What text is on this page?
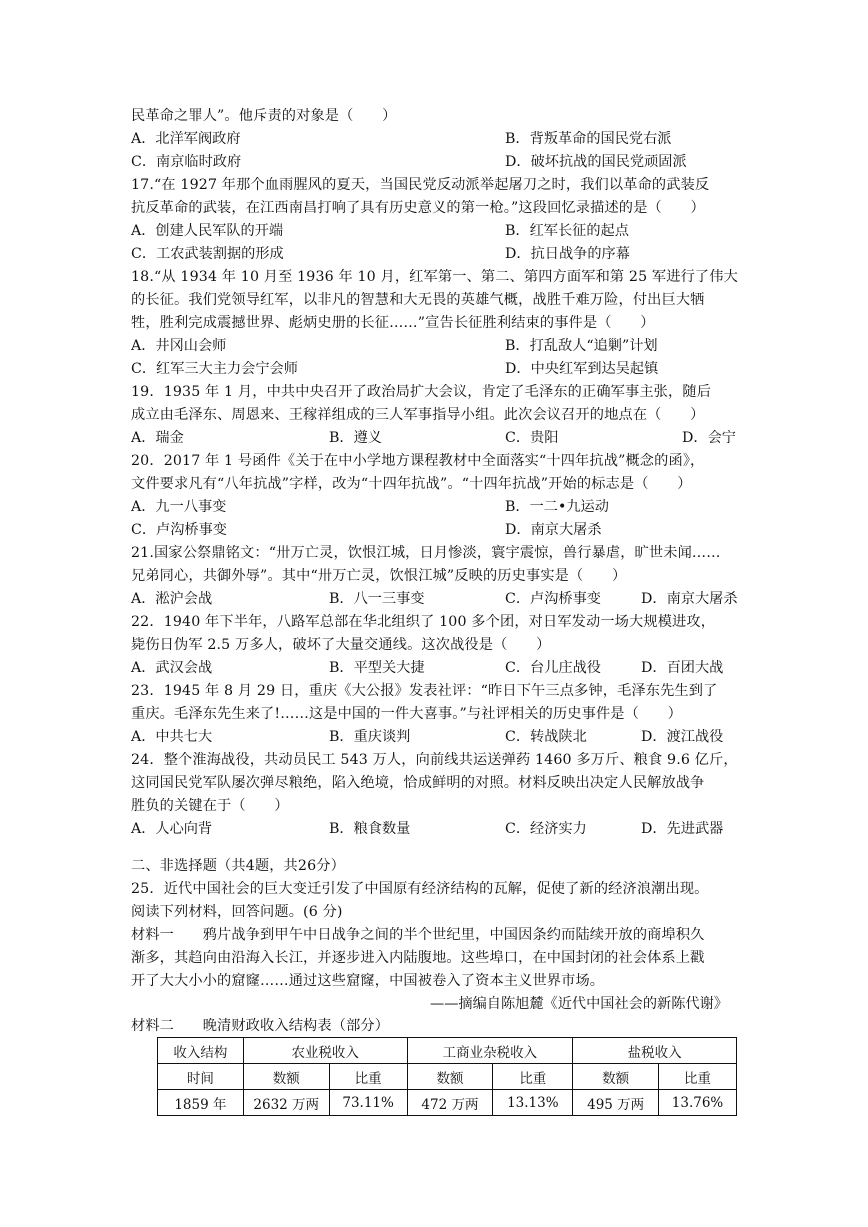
民革命之罪人”。他斥责的对象是（　　）
A．北洋军阀政府	B．背叛革命的国民党右派
C．南京临时政府	D．破坏抗战的国民党顽固派
17.“在 1927 年那个血雨腥风的夏天，当国民党反动派举起屠刀之时，我们以革命的武装反
抗反革命的武装，在江西南昌打响了具有历史意义的第一枪。”这段回忆录描述的是（　　）
A．创建人民军队的开端	B．红军长征的起点
C．工农武装割据的形成	D．抗日战争的序幕
18.“从 1934 年 10 月至 1936 年 10 月，红军第一、第二、第四方面军和第 25 军进行了伟大
的长征。我们党领导红军，以非凡的智慧和大无畏的英雄气概，战胜千难万险，付出巨大牺
牲，胜利完成震撼世界、彪炳史册的长征……”宣告长征胜利结束的事件是（　　）
A．井冈山会师	B．打乱敌人“追剿”计划
C．红军三大主力会宁会师	D．中央红军到达吴起镇
19．1935 年 1 月，中共中央召开了政治局扩大会议，肯定了毛泽东的正确军事主张，随后
成立由毛泽东、周恩来、王稼祥组成的三人军事指导小组。此次会议召开的地点在（　　）
A．瑞金	B．遵义	C．贵阳	D．会宁
20．2017 年 1 号函件《关于在中小学地方课程教材中全面落实“十四年抗战”概念的函》，
文件要求凡有“八年抗战”字样，改为“十四年抗战”。“十四年抗战”开始的标志是（　　）
A．九一八事变	B．一二•九运动
C．卢沟桥事变	D．南京大屠杀
21.国家公祭鼎铭文：“卅万亡灵，饮恨江城，日月惨淡，寰宇震惊，兽行暴虐，旷世未闻……
兄弟同心，共御外辱”。其中“卅万亡灵，饮恨江城”反映的历史事实是（　　）
A．淞沪会战	B．八一三事变	C．卢沟桥事变	D．南京大屠杀
22．1940 年下半年，八路军总部在华北组织了 100 多个团，对日军发动一场大规模进攻，
毙伤日伪军 2.5 万多人，破坏了大量交通线。这次战役是（　　）
A．武汉会战	B．平型关大捷	C．台儿庄战役	D．百团大战
23．1945 年 8 月 29 日，重庆《大公报》发表社评：“昨日下午三点多钟，毛泽东先生到了
重庆。毛泽东先生来了!……这是中国的一件大喜事。”与社评相关的历史事件是（　　）
A．中共七大	B．重庆谈判	C．转战陕北	D．渡江战役
24．整个淮海战役，共动员民工 543 万人，向前线共运送弹药 1460 多万斤、粮食 9.6 亿斤，
这同国民党军队屡次弹尽粮绝，陷入绝境，恰成鲜明的对照。材料反映出决定人民解放战争
胜负的关键在于（　　）
A．人心向背	B．粮食数量	C．经济实力	D．先进武器
二、非选择题（共4题，共26分）
25．近代中国社会的巨大变迁引发了中国原有经济结构的瓦解，促使了新的经济浪潮出现。
阅读下列材料，回答问题。(6 分)
材料一　　鸦片战争到甲午中日战争之间的半个世纪里，中国因条约而陆续开放的商埠积久
渐多，其趋向由沿海入长江，并逐步进入内陆腹地。这些埠口，在中国封闭的社会体系上戳
开了大大小小的窟窿……通过这些窟窿，中国被卷入了资本主义世界市场。
——摘编自陈旭麓《近代中国社会的新陈代谢》
材料二　　晚清财政收入结构表（部分）
收入结构	农业税收入		工商业杂税收入		盐税收入	
时间	数额	比重	数额	比重	数额	比重
1859 年	2632 万两	73.11%	472 万两	13.13%	495 万两	13.76%
